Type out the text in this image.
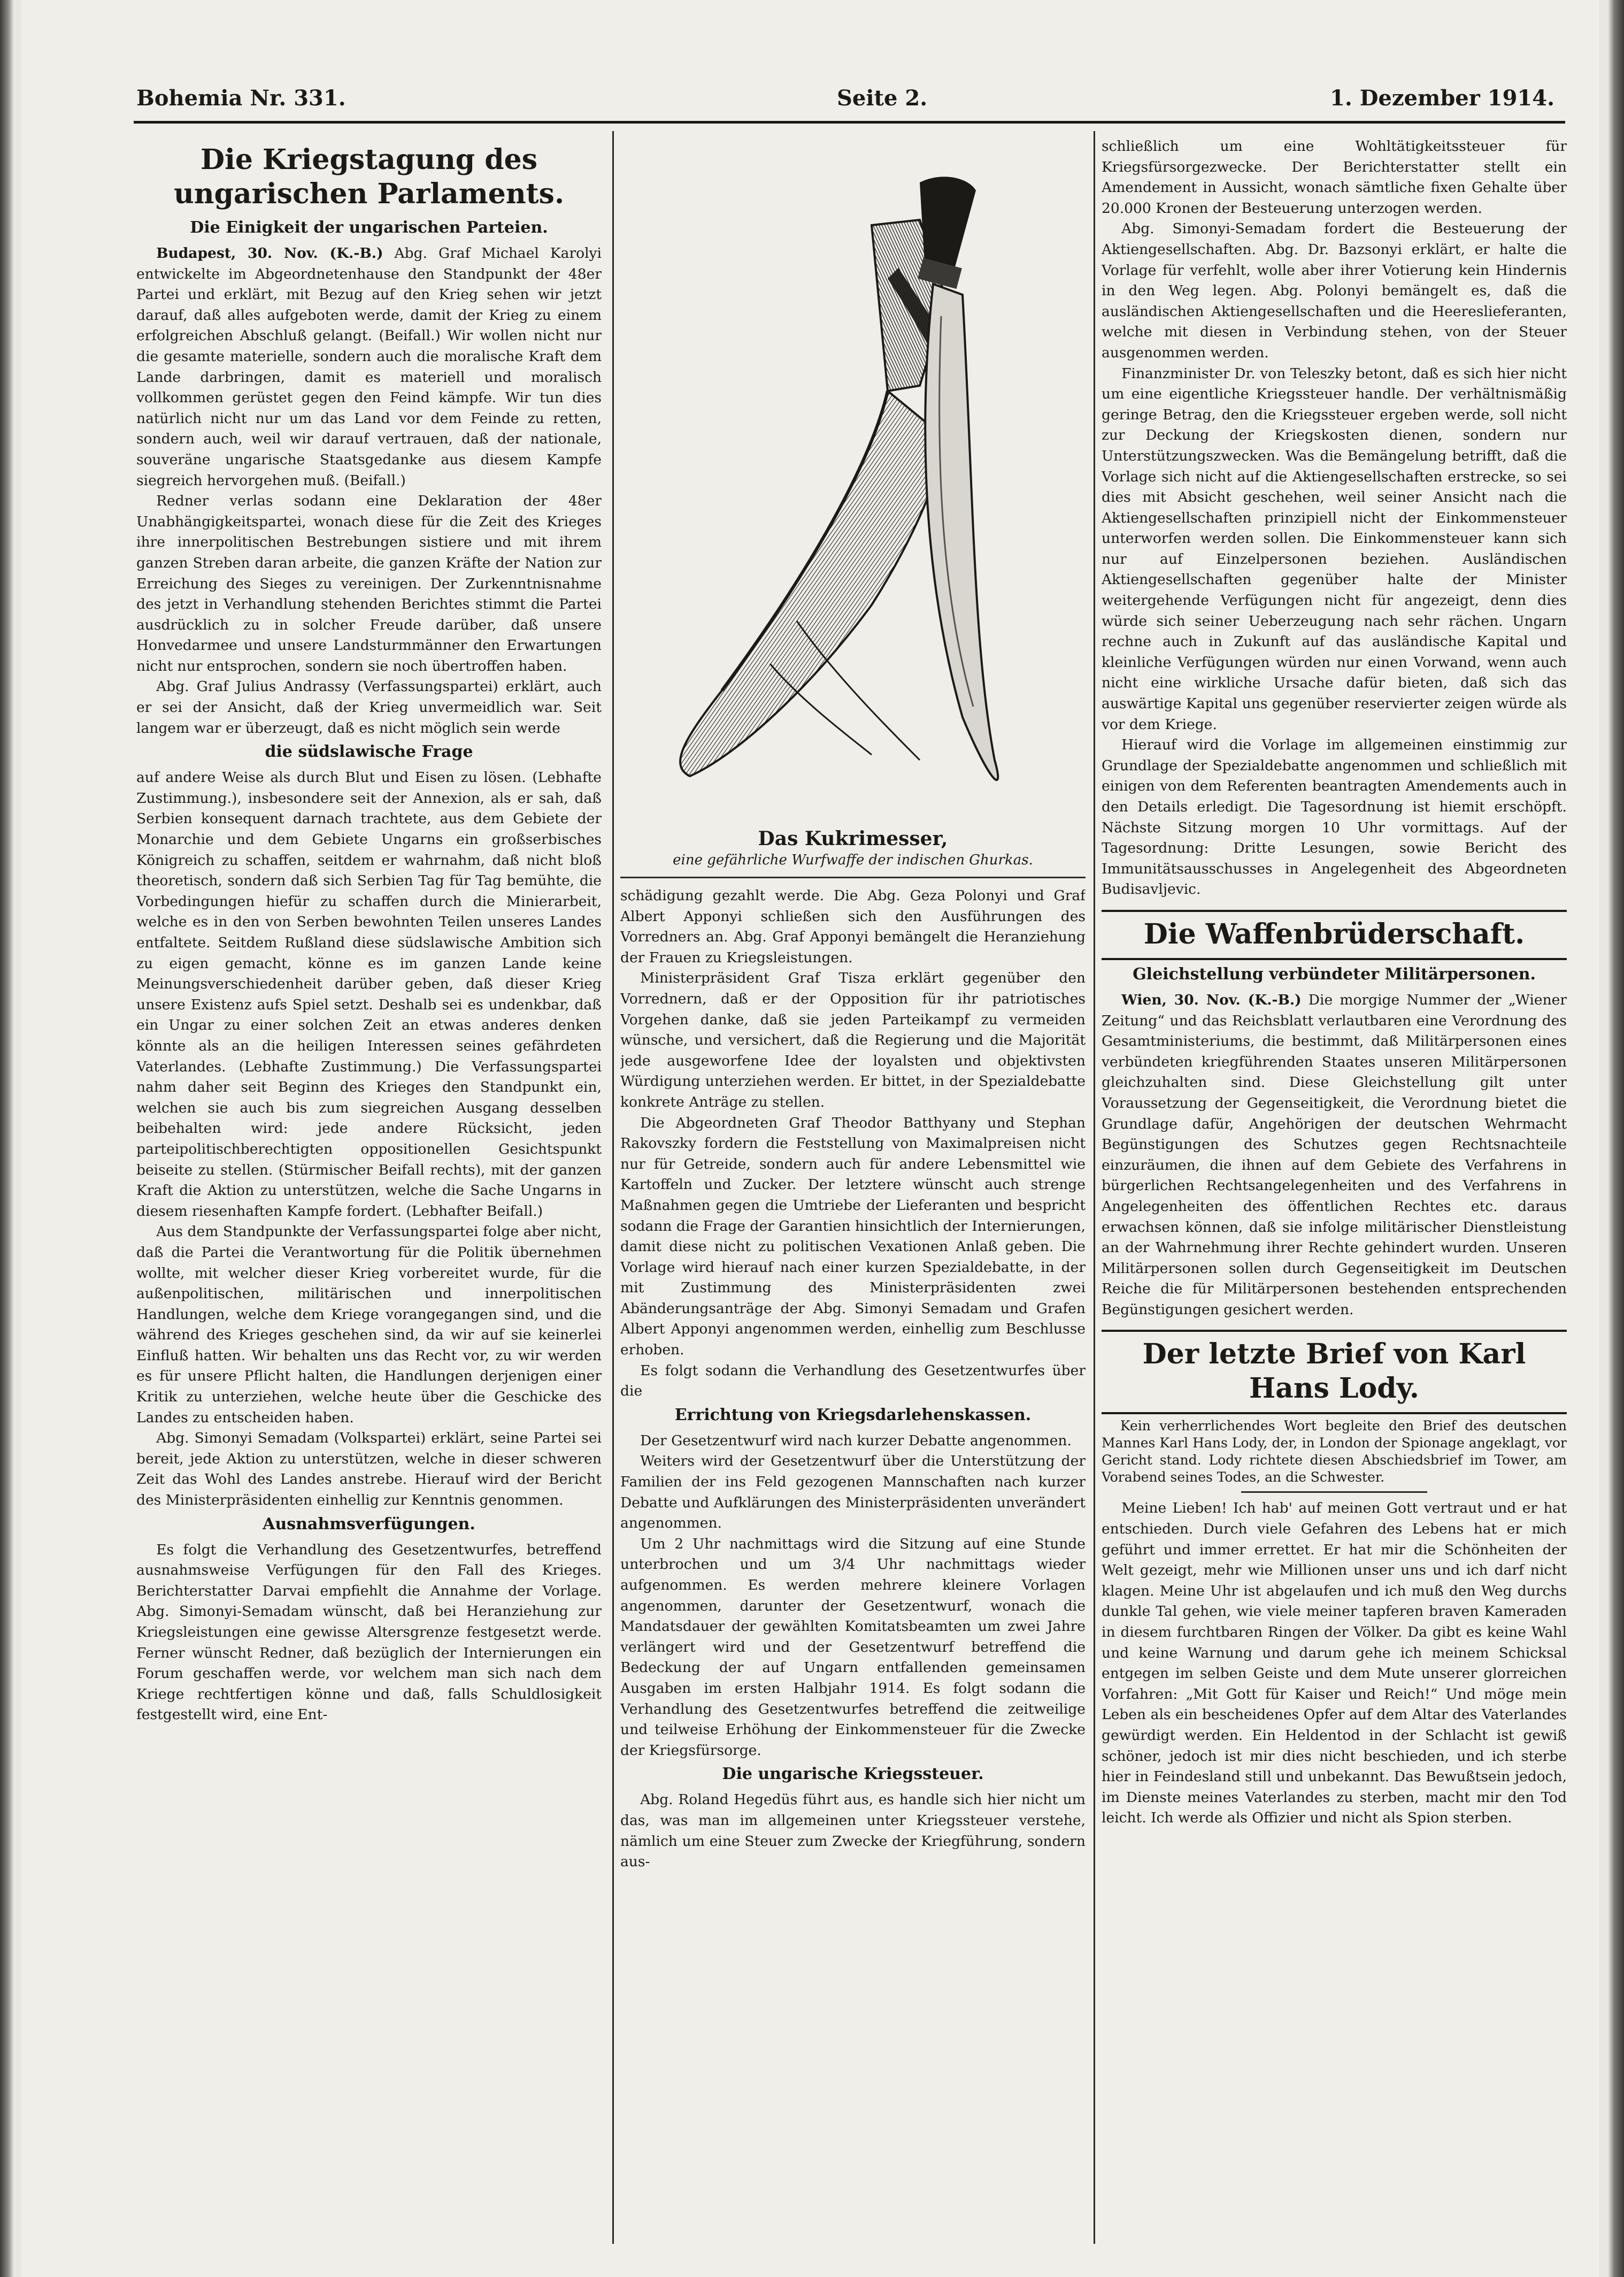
Bohemia Nr. 331.	Seite 2.	1. Dezember 1914.
Die Kriegstagung des ungarischen Parlaments.
Die Einigkeit der ungarischen Parteien.

Budapest, 30. Nov. (K.-B.) Abg. Graf Michael Karolyi entwickelte im Abgeordnetenhause den Standpunkt der 48er Partei und erklärt, mit Bezug auf den Krieg sehen wir jetzt darauf, daß alles aufgeboten werde, damit der Krieg zu einem erfolgreichen Abschluß gelangt. (Beifall.) Wir wollen nicht nur die gesamte materielle, sondern auch die moralische Kraft dem Lande darbringen, damit es materiell und moralisch vollkommen gerüstet gegen den Feind kämpfe. Wir tun dies natürlich nicht nur um das Land vor dem Feinde zu retten, sondern auch, weil wir darauf vertrauen, daß der nationale, souveräne ungarische Staatsgedanke aus diesem Kampfe siegreich hervorgehen muß. (Beifall.)

Redner verlas sodann eine Deklaration der 48er Unabhängigkeitspartei, wonach diese für die Zeit des Krieges ihre innerpolitischen Bestrebungen sistiere und mit ihrem ganzen Streben daran arbeite, die ganzen Kräfte der Nation zur Erreichung des Sieges zu vereinigen. Der Zurkenntnisnahme des jetzt in Verhandlung stehenden Berichtes stimmt die Partei ausdrücklich zu in solcher Freude darüber, daß unsere Honvedarmee und unsere Landsturmmänner den Erwartungen nicht nur entsprochen, sondern sie noch übertroffen haben.

Abg. Graf Julius Andrassy (Verfassungspartei) erklärt, auch er sei der Ansicht, daß der Krieg unvermeidlich war. Seit langem war er überzeugt, daß es nicht möglich sein werde

die südslawische Frage

auf andere Weise als durch Blut und Eisen zu lösen. (Lebhafte Zustimmung.), insbesondere seit der Annexion, als er sah, daß Serbien konsequent darnach trachtete, aus dem Gebiete der Monarchie und dem Gebiete Ungarns ein großserbisches Königreich zu schaffen, seitdem er wahrnahm, daß nicht bloß theoretisch, sondern daß sich Serbien Tag für Tag bemühte, die Vorbedingungen hiefür zu schaffen durch die Minierarbeit, welche es in den von Serben bewohnten Teilen unseres Landes entfaltete. Seitdem Rußland diese südslawische Ambition sich zu eigen gemacht, könne es im ganzen Lande keine Meinungsverschiedenheit darüber geben, daß dieser Krieg unsere Existenz aufs Spiel setzt. Deshalb sei es undenkbar, daß ein Ungar zu einer solchen Zeit an etwas anderes denken könnte als an die heiligen Interessen seines gefährdeten Vaterlandes. (Lebhafte Zustimmung.) Die Verfassungspartei nahm daher seit Beginn des Krieges den Standpunkt ein, welchen sie auch bis zum siegreichen Ausgang desselben beibehalten wird: jede andere Rücksicht, jeden parteipolitischberechtigten oppositionellen Gesichtspunkt beiseite zu stellen. (Stürmischer Beifall rechts), mit der ganzen Kraft die Aktion zu unterstützen, welche die Sache Ungarns in diesem riesenhaften Kampfe fordert. (Lebhafter Beifall.)

Aus dem Standpunkte der Verfassungspartei folge aber nicht, daß die Partei die Verantwortung für die Politik übernehmen wollte, mit welcher dieser Krieg vorbereitet wurde, für die außenpolitischen, militärischen und innerpolitischen Handlungen, welche dem Kriege vorangegangen sind, und die während des Krieges geschehen sind, da wir auf sie keinerlei Einfluß hatten. Wir behalten uns das Recht vor, zu wir werden es für unsere Pflicht halten, die Handlungen derjenigen einer Kritik zu unterziehen, welche heute über die Geschicke des Landes zu entscheiden haben.

Abg. Simonyi Semadam (Volkspartei) erklärt, seine Partei sei bereit, jede Aktion zu unterstützen, welche in dieser schweren Zeit das Wohl des Landes anstrebe. Hierauf wird der Bericht des Ministerpräsidenten einhellig zur Kenntnis genommen.

Ausnahmsverfügungen.

Es folgt die Verhandlung des Gesetzentwurfes, betreffend ausnahmsweise Verfügungen für den Fall des Krieges. Berichterstatter Darvai empfiehlt die Annahme der Vorlage. Abg. Simonyi-Semadam wünscht, daß bei Heranziehung zur Kriegsleistungen eine gewisse Altersgrenze festgesetzt werde. Ferner wünscht Redner, daß bezüglich der Internierungen ein Forum geschaffen werde, vor welchem man sich nach dem Kriege rechtfertigen könne und daß, falls Schuldlosigkeit festgestellt wird, eine Ent-

Das Kukrimesser,
eine gefährliche Wurfwaffe der indischen Ghurkas.

schädigung gezahlt werde. Die Abg. Geza Polonyi und Graf Albert Apponyi schließen sich den Ausführungen des Vorredners an. Abg. Graf Apponyi bemängelt die Heranziehung der Frauen zu Kriegsleistungen.

Ministerpräsident Graf Tisza erklärt gegenüber den Vorrednern, daß er der Opposition für ihr patriotisches Vorgehen danke, daß sie jeden Parteikampf zu vermeiden wünsche, und versichert, daß die Regierung und die Majorität jede ausgeworfene Idee der loyalsten und objektivsten Würdigung unterziehen werden. Er bittet, in der Spezialdebatte konkrete Anträge zu stellen.

Die Abgeordneten Graf Theodor Batthyany und Stephan Rakovszky fordern die Feststellung von Maximalpreisen nicht nur für Getreide, sondern auch für andere Lebensmittel wie Kartoffeln und Zucker. Der letztere wünscht auch strenge Maßnahmen gegen die Umtriebe der Lieferanten und bespricht sodann die Frage der Garantien hinsichtlich der Internierungen, damit diese nicht zu politischen Vexationen Anlaß geben. Die Vorlage wird hierauf nach einer kurzen Spezialdebatte, in der mit Zustimmung des Ministerpräsidenten zwei Abänderungsanträge der Abg. Simonyi Semadam und Grafen Albert Apponyi angenommen werden, einhellig zum Beschlusse erhoben.

Es folgt sodann die Verhandlung des Gesetzentwurfes über die

Errichtung von Kriegsdarlehenskassen.

Der Gesetzentwurf wird nach kurzer Debatte angenommen.

Weiters wird der Gesetzentwurf über die Unterstützung der Familien der ins Feld gezogenen Mannschaften nach kurzer Debatte und Aufklärungen des Ministerpräsidenten unverändert angenommen.

Um 2 Uhr nachmittags wird die Sitzung auf eine Stunde unterbrochen und um 3/4 Uhr nachmittags wieder aufgenommen. Es werden mehrere kleinere Vorlagen angenommen, darunter der Gesetzentwurf, wonach die Mandatsdauer der gewählten Komitatsbeamten um zwei Jahre verlängert wird und der Gesetzentwurf betreffend die Bedeckung der auf Ungarn entfallenden gemeinsamen Ausgaben im ersten Halbjahr 1914. Es folgt sodann die Verhandlung des Gesetzentwurfes betreffend die zeitweilige und teilweise Erhöhung der Einkommensteuer für die Zwecke der Kriegsfürsorge.

Die ungarische Kriegssteuer.

Abg. Roland Hegedüs führt aus, es handle sich hier nicht um das, was man im allgemeinen unter Kriegssteuer verstehe, nämlich um eine Steuer zum Zwecke der Kriegführung, sondern aus-

schließlich um eine Wohltätigkeitssteuer für Kriegsfürsorgezwecke. Der Berichterstatter stellt ein Amendement in Aussicht, wonach sämtliche fixen Gehalte über 20.000 Kronen der Besteuerung unterzogen werden.

Abg. Simonyi-Semadam fordert die Besteuerung der Aktiengesellschaften. Abg. Dr. Bazsonyi erklärt, er halte die Vorlage für verfehlt, wolle aber ihrer Votierung kein Hindernis in den Weg legen. Abg. Polonyi bemängelt es, daß die ausländischen Aktiengesellschaften und die Heereslieferanten, welche mit diesen in Verbindung stehen, von der Steuer ausgenommen werden.

Finanzminister Dr. von Teleszky betont, daß es sich hier nicht um eine eigentliche Kriegssteuer handle. Der verhältnismäßig geringe Betrag, den die Kriegssteuer ergeben werde, soll nicht zur Deckung der Kriegskosten dienen, sondern nur Unterstützungszwecken. Was die Bemängelung betrifft, daß die Vorlage sich nicht auf die Aktiengesellschaften erstrecke, so sei dies mit Absicht geschehen, weil seiner Ansicht nach die Aktiengesellschaften prinzipiell nicht der Einkommensteuer unterworfen werden sollen. Die Einkommensteuer kann sich nur auf Einzelpersonen beziehen. Ausländischen Aktiengesellschaften gegenüber halte der Minister weitergehende Verfügungen nicht für angezeigt, denn dies würde sich seiner Ueberzeugung nach sehr rächen. Ungarn rechne auch in Zukunft auf das ausländische Kapital und kleinliche Verfügungen würden nur einen Vorwand, wenn auch nicht eine wirkliche Ursache dafür bieten, daß sich das auswärtige Kapital uns gegenüber reservierter zeigen würde als vor dem Kriege.

Hierauf wird die Vorlage im allgemeinen einstimmig zur Grundlage der Spezialdebatte angenommen und schließlich mit einigen von dem Referenten beantragten Amendements auch in den Details erledigt. Die Tagesordnung ist hiemit erschöpft. Nächste Sitzung morgen 10 Uhr vormittags. Auf der Tagesordnung: Dritte Lesungen, sowie Bericht des Immunitätsausschusses in Angelegenheit des Abgeordneten Budisavljevic.

Die Waffenbrüderschaft.
Gleichstellung verbündeter Militärpersonen.

Wien, 30. Nov. (K.-B.) Die morgige Nummer der „Wiener Zeitung“ und das Reichsblatt verlautbaren eine Verordnung des Gesamtministeriums, die bestimmt, daß Militärpersonen eines verbündeten kriegführenden Staates unseren Militärpersonen gleichzuhalten sind. Diese Gleichstellung gilt unter Voraussetzung der Gegenseitigkeit, die Verordnung bietet die Grundlage dafür, Angehörigen der deutschen Wehrmacht Begünstigungen des Schutzes gegen Rechtsnachteile einzuräumen, die ihnen auf dem Gebiete des Verfahrens in bürgerlichen Rechtsangelegenheiten und des Verfahrens in Angelegenheiten des öffentlichen Rechtes etc. daraus erwachsen können, daß sie infolge militärischer Dienstleistung an der Wahrnehmung ihrer Rechte gehindert wurden. Unseren Militärpersonen sollen durch Gegenseitigkeit im Deutschen Reiche die für Militärpersonen bestehenden entsprechenden Begünstigungen gesichert werden.

Der letzte Brief von Karl Hans Lody.

Kein verherrlichendes Wort begleite den Brief des deutschen Mannes Karl Hans Lody, der, in London der Spionage angeklagt, vor Gericht stand. Lody richtete diesen Abschiedsbrief im Tower, am Vorabend seines Todes, an die Schwester.

Meine Lieben! Ich hab' auf meinen Gott vertraut und er hat entschieden. Durch viele Gefahren des Lebens hat er mich geführt und immer errettet. Er hat mir die Schönheiten der Welt gezeigt, mehr wie Millionen unser uns und ich darf nicht klagen. Meine Uhr ist abgelaufen und ich muß den Weg durchs dunkle Tal gehen, wie viele meiner tapferen braven Kameraden in diesem furchtbaren Ringen der Völker. Da gibt es keine Wahl und keine Warnung und darum gehe ich meinem Schicksal entgegen im selben Geiste und dem Mute unserer glorreichen Vorfahren: „Mit Gott für Kaiser und Reich!“ Und möge mein Leben als ein bescheidenes Opfer auf dem Altar des Vaterlandes gewürdigt werden. Ein Heldentod in der Schlacht ist gewiß schöner, jedoch ist mir dies nicht beschieden, und ich sterbe hier in Feindesland still und unbekannt. Das Bewußtsein jedoch, im Dienste meines Vaterlandes zu sterben, macht mir den Tod leicht. Ich werde als Offizier und nicht als Spion sterben.
